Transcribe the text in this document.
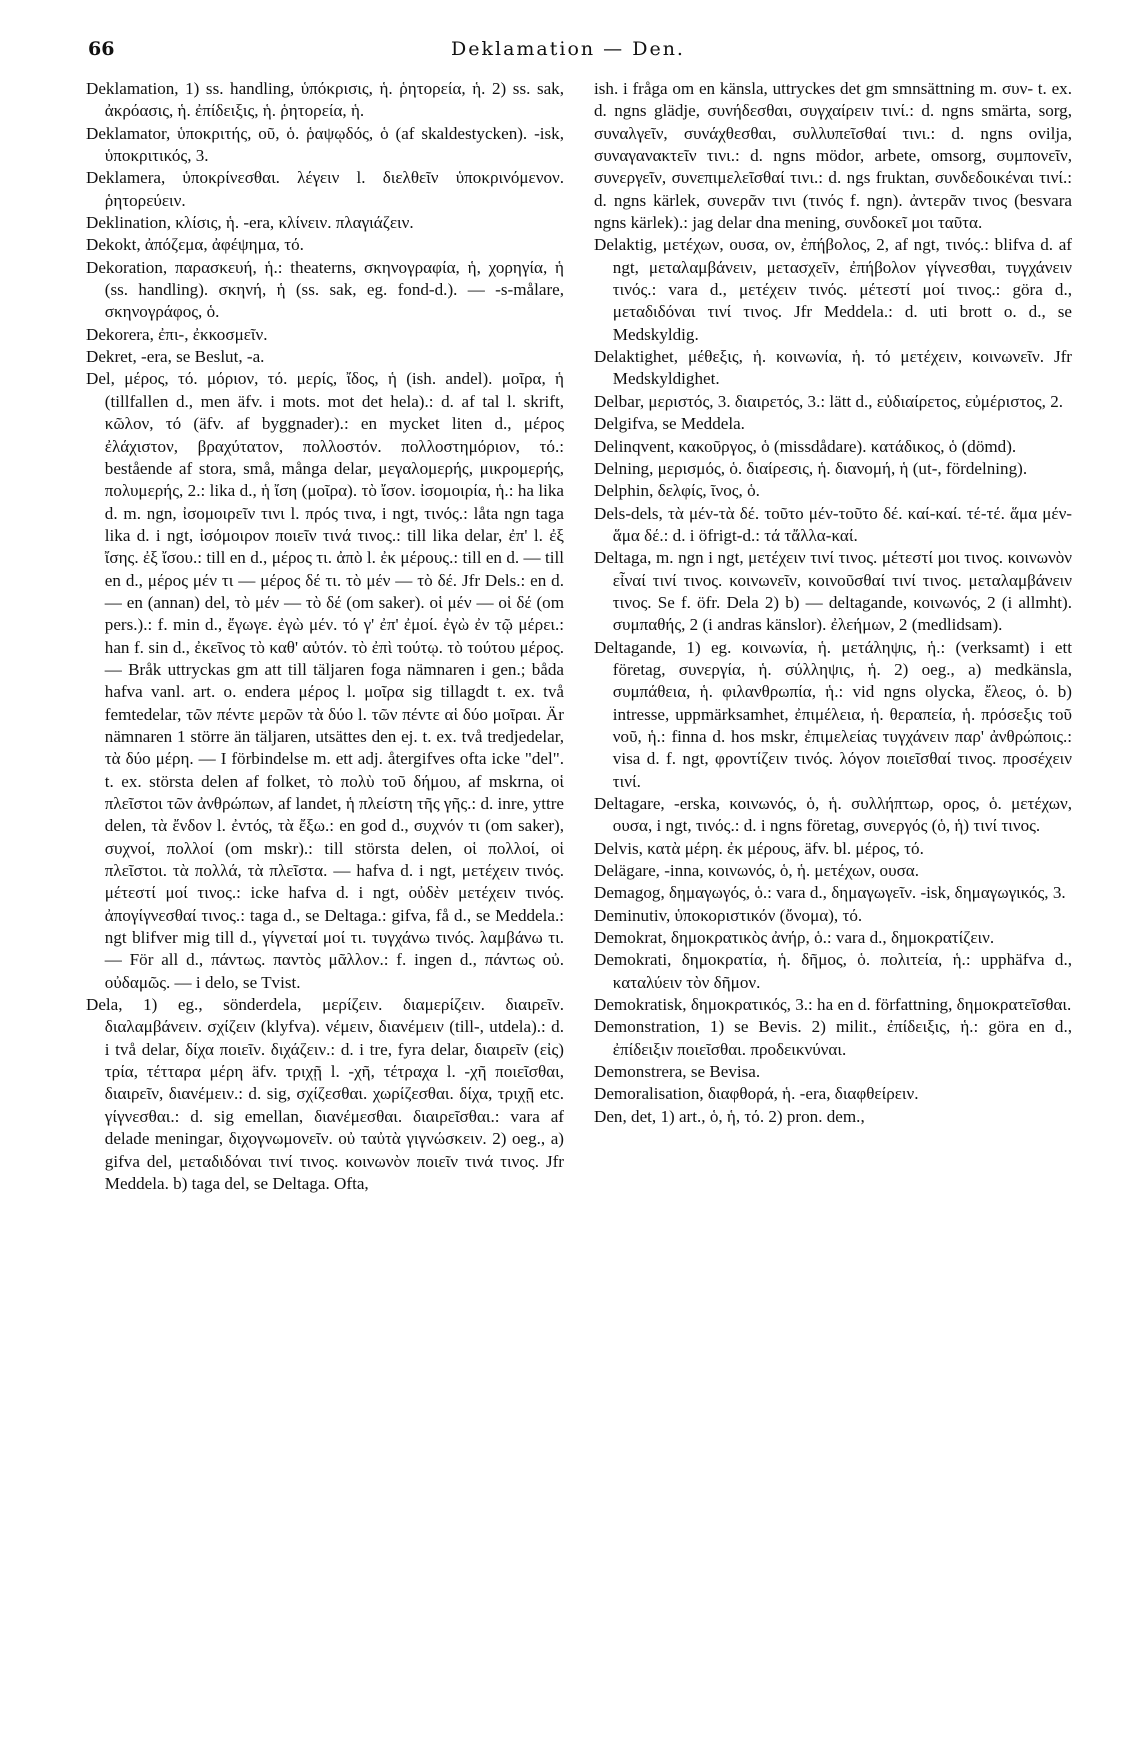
66	Deklamation — Den.

Deklamation, 1) ss. handling, ὑπόκρισις, ἡ. ῥητορεία, ἡ. 2) ss. sak, ἀκρόασις, ἡ. ἐπίδειξις, ἡ. ῥητορεία, ἡ.

Deklamator, ὑποκριτής, οῦ, ὁ. ῥαψῳδός, ὁ (af skaldestycken). -isk, ὑποκριτικός, 3.

Deklamera, ὑποκρίνεσθαι. λέγειν l. διελθεῖν ὑποκρινόμενον. ῥητορεύειν.

Deklination, κλίσις, ἡ. -era, κλίνειν. πλαγιάζειν.

Dekokt, ἀπόζεμα, ἀφέψημα, τό.

Dekoration, παρασκευή, ἡ.: theaterns, σκηνογραφία, ἡ, χορηγία, ἡ (ss. handling). σκηνή, ἡ (ss. sak, eg. fond-d.). — -s-målare, σκηνογράφος, ὁ.

Dekorera, ἐπι-, ἐκκοσμεῖν.

Dekret, -era, se Beslut, -a.

Del, μέρος, τό. μόριον, τό. μερίς, ἴδος, ἡ (ish. andel). μοῖρα, ἡ (tillfallen d., men äfv. i mots. mot det hela).: d. af tal l. skrift, κῶλον, τό (äfv. af byggnader).: en mycket liten d., μέρος ἐλάχιστον, βραχύτατον, πολλοστόν. πολλοστημόριον, τό.: bestående af stora, små, många delar, μεγαλομερής, μικρομερής, πολυμερής, 2.: lika d., ἡ ἴση (μοῖρα). τὸ ἴσον. ἰσομοιρία, ἡ.: ha lika d. m. ngn, ἰσομοιρεῖν τινι l. πρός τινα, i ngt, τινός.: låta ngn taga lika d. i ngt, ἰσόμοιρον ποιεῖν τινά τινος.: till lika delar, ἐπ' l. ἐξ ἴσης. ἐξ ἴσου.: till en d., μέρος τι. ἀπὸ l. ἐκ μέρους.: till en d. — till en d., μέρος μέν τι — μέρος δέ τι. τὸ μέν — τὸ δέ. Jfr Dels.: en d. — en (annan) del, τὸ μέν — τὸ δέ (om saker). οἱ μέν — οἱ δέ (om pers.).: f. min d., ἔγωγε. ἐγὼ μέν. τό γ' ἐπ' ἐμοί. ἐγὼ ἐν τῷ μέρει.: han f. sin d., ἐκεῖνος τὸ καθ' αὑτόν. τὸ ἐπὶ τούτῳ. τὸ τούτου μέρος. — Bråk uttryckas gm att till täljaren foga nämnaren i gen.; båda hafva vanl. art. o. endera μέρος l. μοῖρα sig tillagdt t. ex. två femtedelar, τῶν πέντε μερῶν τὰ δύο l. τῶν πέντε αἱ δύο μοῖραι. Är nämnaren 1 större än täljaren, utsättes den ej. t. ex. två tredjedelar, τὰ δύο μέρη. — I förbindelse m. ett adj. återgifves ofta icke "del". t. ex. största delen af folket, τὸ πολὺ τοῦ δήμου, af mskrna, οἱ πλεῖστοι τῶν ἀνθρώπων, af landet, ἡ πλείστη τῆς γῆς.: d. inre, yttre delen, τὰ ἔνδον l. ἐντός, τὰ ἔξω.: en god d., συχνόν τι (om saker), συχνοί, πολλοί (om mskr).: till största delen, οἱ πολλοί, οἱ πλεῖστοι. τὰ πολλά, τὰ πλεῖστα. — hafva d. i ngt, μετέχειν τινός. μέτεστί μοί τινος.: icke hafva d. i ngt, οὐδὲν μετέχειν τινός. ἀπογίγνεσθαί τινος.: taga d., se Deltaga.: gifva, få d., se Meddela.: ngt blifver mig till d., γίγνεταί μοί τι. τυγχάνω τινός. λαμβάνω τι. — För all d., πάντως. παντὸς μᾶλλον.: f. ingen d., πάντως οὐ. οὐδαμῶς. — i delo, se Tvist.

Dela, 1) eg., sönderdela, μερίζειν. διαμερίζειν. διαιρεῖν. διαλαμβάνειν. σχίζειν (klyfva). νέμειν, διανέμειν (till-, utdela).: d. i två delar, δίχα ποιεῖν. διχάζειν.: d. i tre, fyra delar, διαιρεῖν (εἰς) τρία, τέτταρα μέρη äfv. τριχῇ l. -χῆ, τέτραχα l. -χῆ ποιεῖσθαι, διαιρεῖν, διανέμειν.: d. sig, σχίζεσθαι. χωρίζεσθαι. δίχα, τριχῇ etc. γίγνεσθαι.: d. sig emellan, διανέμεσθαι. διαιρεῖσθαι.: vara af delade meningar, διχογνωμονεῖν. οὐ ταὐτὰ γιγνώσκειν. 2) oeg., a) gifva del, μεταδιδόναι τινί τινος. κοινωνὸν ποιεῖν τινά τινος. Jfr Meddela. b) taga del, se Deltaga. Ofta,

ish. i fråga om en känsla, uttryckes det gm smnsättning m. συν- t. ex. d. ngns glädje, συνήδεσθαι, συγχαίρειν τινί.: d. ngns smärta, sorg, συναλγεῖν, συνάχθεσθαι, συλλυπεῖσθαί τινι.: d. ngns ovilja, συναγανακτεῖν τινι.: d. ngns mödor, arbete, omsorg, συμπονεῖν, συνεργεῖν, συνεπιμελεῖσθαί τινι.: d. ngs fruktan, συνδεδοικέναι τινί.: d. ngns kärlek, συνερᾶν τινι (τινός f. ngn). ἀντερᾶν τινος (besvara ngns kärlek).: jag delar dna mening, συνδοκεῖ μοι ταῦτα.

Delaktig, μετέχων, ουσα, ον, ἐπήβολος, 2, af ngt, τινός.: blifva d. af ngt, μεταλαμβάνειν, μετασχεῖν, ἐπήβολον γίγνεσθαι, τυγχάνειν τινός.: vara d., μετέχειν τινός. μέτεστί μοί τινος.: göra d., μεταδιδόναι τινί τινος. Jfr Meddela.: d. uti brott o. d., se Medskyldig.

Delaktighet, μέθεξις, ἡ. κοινωνία, ἡ. τό μετέχειν, κοινωνεῖν. Jfr Medskyldighet.

Delbar, μεριστός, 3. διαιρετός, 3.: lätt d., εὐδιαίρετος, εὐμέριστος, 2.

Delgifva, se Meddela.

Delinqvent, κακοῦργος, ὁ (missdådare). κατάδικος, ὁ (dömd).

Delning, μερισμός, ὁ. διαίρεσις, ἡ. διανομή, ἡ (ut-, fördelning).

Delphin, δελφίς, ῖνος, ὁ.

Dels-dels, τὰ μέν-τὰ δέ. τοῦτο μέν-τοῦτο δέ. καί-καί. τέ-τέ. ἅμα μέν-ἅμα δέ.: d. i öfrigt-d.: τά τἄλλα-καί.

Deltaga, m. ngn i ngt, μετέχειν τινί τινος. μέτεστί μοι τινος. κοινωνὸν εἶναί τινί τινος. κοινωνεῖν, κοινοῦσθαί τινί τινος. μεταλαμβάνειν τινος. Se f. öfr. Dela 2) b) — deltagande, κοινωνός, 2 (i allmht). συμπαθής, 2 (i andras känslor). ἐλεήμων, 2 (medlidsam).

Deltagande, 1) eg. κοινωνία, ἡ. μετάληψις, ἡ.: (verksamt) i ett företag, συνεργία, ἡ. σύλληψις, ἡ. 2) oeg., a) medkänsla, συμπάθεια, ἡ. φιλανθρωπία, ἡ.: vid ngns olycka, ἔλεος, ὁ. b) intresse, uppmärksamhet, ἐπιμέλεια, ἡ. θεραπεία, ἡ. πρόσεξις τοῦ νοῦ, ἡ.: finna d. hos mskr, ἐπιμελείας τυγχάνειν παρ' ἀνθρώποις.: visa d. f. ngt, φροντίζειν τινός. λόγον ποιεῖσθαί τινος. προσέχειν τινί.

Deltagare, -erska, κοινωνός, ὁ, ἡ. συλλήπτωρ, ορος, ὁ. μετέχων, ουσα, i ngt, τινός.: d. i ngns företag, συνεργός (ὁ, ἡ) τινί τινος.

Delvis, κατὰ μέρη. ἐκ μέρους, äfv. bl. μέρος, τό.

Delägare, -inna, κοινωνός, ὁ, ἡ. μετέχων, ουσα.

Demagog, δημαγωγός, ὁ.: vara d., δημαγωγεῖν. -isk, δημαγωγικός, 3.

Deminutiv, ὑποκοριστικόν (ὄνομα), τό.

Demokrat, δημοκρατικὸς ἀνήρ, ὁ.: vara d., δημοκρατίζειν.

Demokrati, δημοκρατία, ἡ. δῆμος, ὁ. πολιτεία, ἡ.: upphäfva d., καταλύειν τὸν δῆμον.

Demokratisk, δημοκρατικός, 3.: ha en d. författning, δημοκρατεῖσθαι.

Demonstration, 1) se Bevis. 2) milit., ἐπίδειξις, ἡ.: göra en d., ἐπίδειξιν ποιεῖσθαι. προδεικνύναι.

Demonstrera, se Bevisa.

Demoralisation, διαφθορά, ἡ. -era, διαφθείρειν.

Den, det, 1) art., ὁ, ἡ, τό. 2) pron. dem.,
